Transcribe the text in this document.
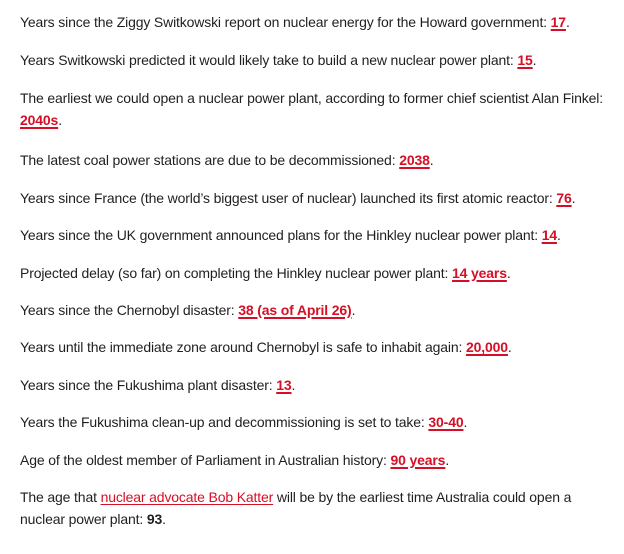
Years since the Ziggy Switkowski report on nuclear energy for the Howard government: 17.

Years Switkowski predicted it would likely take to build a new nuclear power plant: 15.

The earliest we could open a nuclear power plant, according to former chief scientist Alan Finkel: 2040s.

The latest coal power stations are due to be decommissioned: 2038.

Years since France (the world’s biggest user of nuclear) launched its first atomic reactor: 76.

Years since the UK government announced plans for the Hinkley nuclear power plant: 14.

Projected delay (so far) on completing the Hinkley nuclear power plant: 14 years.

Years since the Chernobyl disaster: 38 (as of April 26).

Years until the immediate zone around Chernobyl is safe to inhabit again: 20,000.

Years since the Fukushima plant disaster: 13.

Years the Fukushima clean-up and decommissioning is set to take: 30-40.

Age of the oldest member of Parliament in Australian history: 90 years.

The age that nuclear advocate Bob Katter will be by the earliest time Australia could open a nuclear power plant: 93.
